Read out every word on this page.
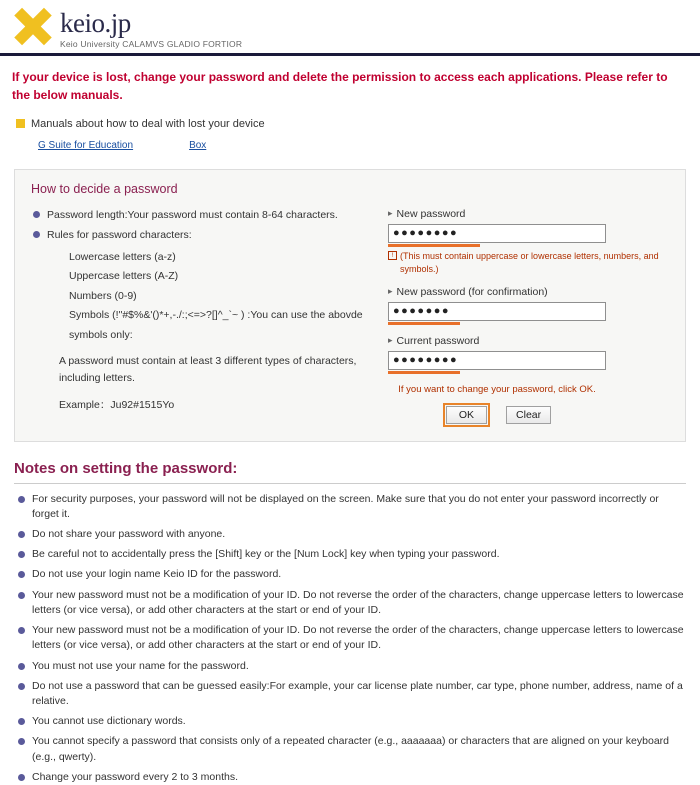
keio.jp
Keio University CALAMVS GLADIO FORTIOR
If your device is lost, change your password and delete the permission to access each applications. Please refer to the below manuals.
Manuals about how to deal with lost your device
G Suite for Education	Box
How to decide a password
Password length:Your password must contain 8-64 characters.
Rules for password characters:
Lowercase letters (a-z)
Uppercase letters (A-Z)
Numbers (0-9)
Symbols (!"#$%&'()*+,-./:;<=>?[]^_`~ ) :You can use the abovde
symbols only:
A password must contain at least 3 different types of characters, including letters.
Example：Ju92#1515Yo
▸ New password
●●●●●●●●
! (This must contain uppercase or lowercase letters, numbers, and symbols.)
▸ New password (for confirmation)
●●●●●●●
▸ Current password
●●●●●●●●
If you want to change your password, click OK.
OK	Clear
Notes on setting the password:
For security purposes, your password will not be displayed on the screen. Make sure that you do not enter your password incorrectly or forget it.
Do not share your password with anyone.
Be careful not to accidentally press the [Shift] key or the [Num Lock] key when typing your password.
Do not use your login name Keio ID for the password.
Your new password must not be a modification of your ID. Do not reverse the order of the characters, change uppercase letters to lowercase letters (or vice versa), or add other characters at the start or end of your ID.
Your new password must not be a modification of your ID. Do not reverse the order of the characters, change uppercase letters to lowercase letters (or vice versa), or add other characters at the start or end of your ID.
You must not use your name for the password.
Do not use a password that can be guessed easily:For example, your car license plate number, car type, phone number, address, name of a relative.
You cannot use dictionary words.
You cannot specify a password that consists only of a repeated character (e.g., aaaaaaa) or characters that are aligned on your keyboard (e.g., qwerty).
Change your password every 2 to 3 months.
